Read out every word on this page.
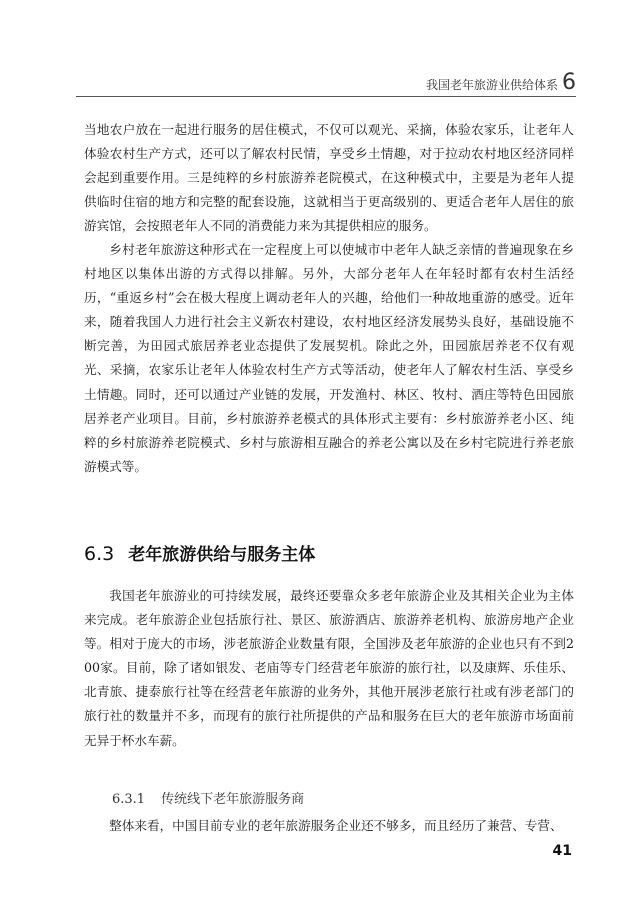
我国老年旅游业供给体系 6

当地农户放在一起进行服务的居住模式，不仅可以观光、采摘，体验农家乐，让老年人体验农村生产方式，还可以了解农村民情，享受乡土情趣，对于拉动农村地区经济同样会起到重要作用。三是纯粹的乡村旅游养老院模式，在这种模式中，主要是为老年人提供临时住宿的地方和完整的配套设施，这就相当于更高级别的、更适合老年人居住的旅游宾馆，会按照老年人不同的消费能力来为其提供相应的服务。

乡村老年旅游这种形式在一定程度上可以使城市中老年人缺乏亲情的普遍现象在乡村地区以集体出游的方式得以排解。另外，大部分老年人在年轻时都有农村生活经历，“重返乡村”会在极大程度上调动老年人的兴趣，给他们一种故地重游的感受。近年来，随着我国人力进行社会主义新农村建设，农村地区经济发展势头良好，基础设施不断完善，为田园式旅居养老业态提供了发展契机。除此之外，田园旅居养老不仅有观光、采摘，农家乐让老年人体验农村生产方式等活动，使老年人了解农村生活、享受乡土情趣。同时，还可以通过产业链的发展，开发渔村、林区、牧村、酒庄等特色田园旅居养老产业项目。目前，乡村旅游养老模式的具体形式主要有：乡村旅游养老小区、纯粹的乡村旅游养老院模式、乡村与旅游相互融合的养老公寓以及在乡村宅院进行养老旅游模式等。

6.3 老年旅游供给与服务主体

我国老年旅游业的可持续发展，最终还要靠众多老年旅游企业及其相关企业为主体来完成。老年旅游企业包括旅行社、景区、旅游酒店、旅游养老机构、旅游房地产企业等。相对于庞大的市场，涉老旅游企业数量有限，全国涉及老年旅游的企业也只有不到200家。目前，除了诸如银发、老庙等专门经营老年旅游的旅行社，以及康辉、乐佳乐、北青旅、捷泰旅行社等在经营老年旅游的业务外，其他开展涉老旅行社或有涉老部门的旅行社的数量并不多，而现有的旅行社所提供的产品和服务在巨大的老年旅游市场面前无异于杯水车薪。

6.3.1 传统线下老年旅游服务商

整体来看，中国目前专业的老年旅游服务企业还不够多，而且经历了兼营、专营、

41
